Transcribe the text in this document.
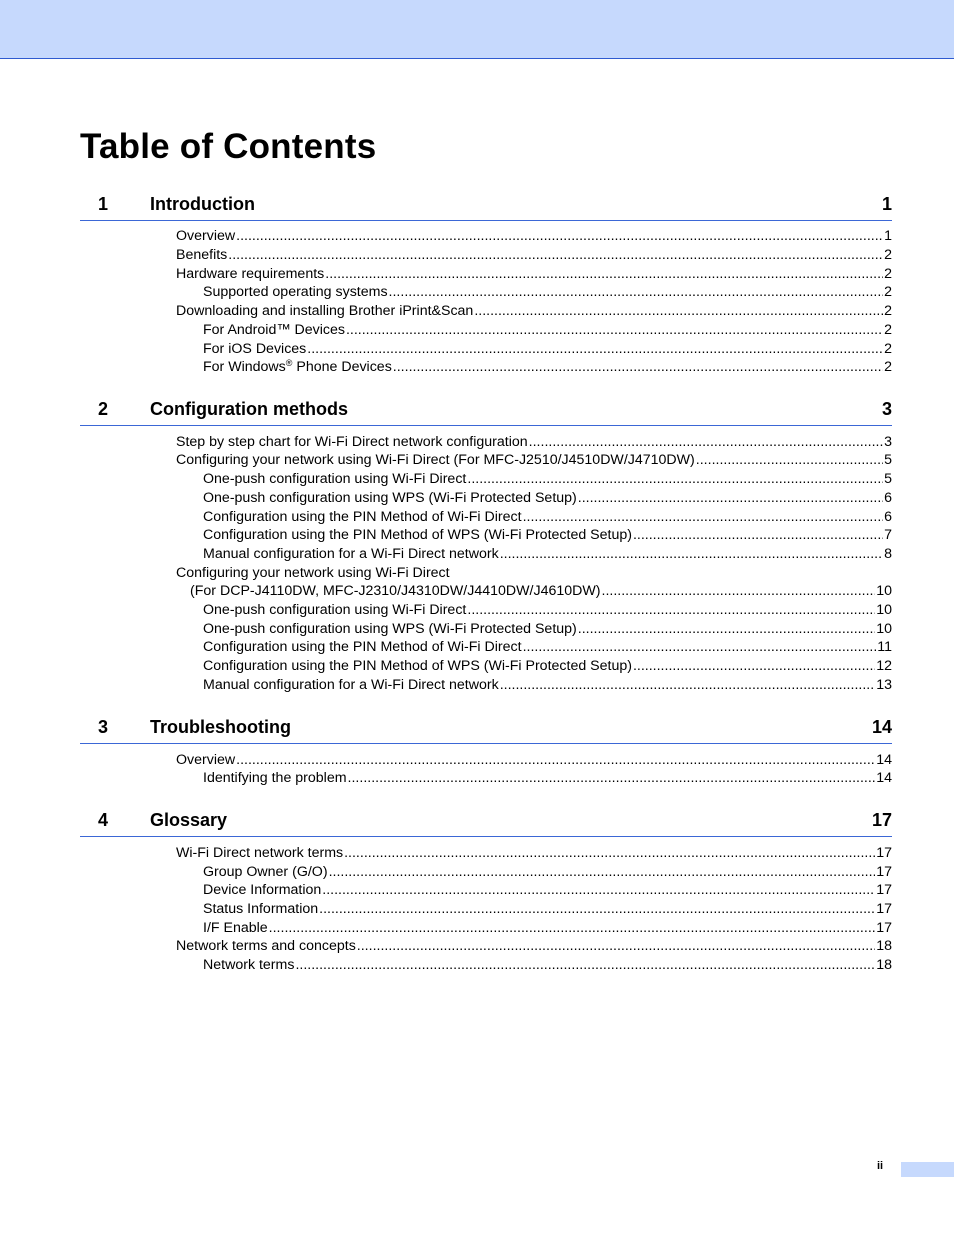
Table of Contents
1 Introduction	1
Overview .....	1
Benefits .....	2
Hardware requirements .....	2
Supported operating systems .....	2
Downloading and installing Brother iPrint&Scan .....	2
For Android™ Devices .....	2
For iOS Devices .....	2
For Windows® Phone Devices .....	2
2 Configuration methods	3
Step by step chart for Wi-Fi Direct network configuration .....	3
Configuring your network using Wi-Fi Direct (For MFC-J2510/J4510DW/J4710DW) .....	5
One-push configuration using Wi-Fi Direct .....	5
One-push configuration using WPS (Wi-Fi Protected Setup) .....	6
Configuration using the PIN Method of Wi-Fi Direct .....	6
Configuration using the PIN Method of WPS (Wi-Fi Protected Setup) .....	7
Manual configuration for a Wi-Fi Direct network .....	8
Configuring your network using Wi-Fi Direct
(For DCP-J4110DW, MFC-J2310/J4310DW/J4410DW/J4610DW) .....	10
One-push configuration using Wi-Fi Direct .....	10
One-push configuration using WPS (Wi-Fi Protected Setup) .....	10
Configuration using the PIN Method of Wi-Fi Direct .....	11
Configuration using the PIN Method of WPS (Wi-Fi Protected Setup) .....	12
Manual configuration for a Wi-Fi Direct network .....	13
3 Troubleshooting	14
Overview .....	14
Identifying the problem .....	14
4 Glossary	17
Wi-Fi Direct network terms .....	17
Group Owner (G/O) .....	17
Device Information .....	17
Status Information .....	17
I/F Enable .....	17
Network terms and concepts .....	18
Network terms .....	18
ii
